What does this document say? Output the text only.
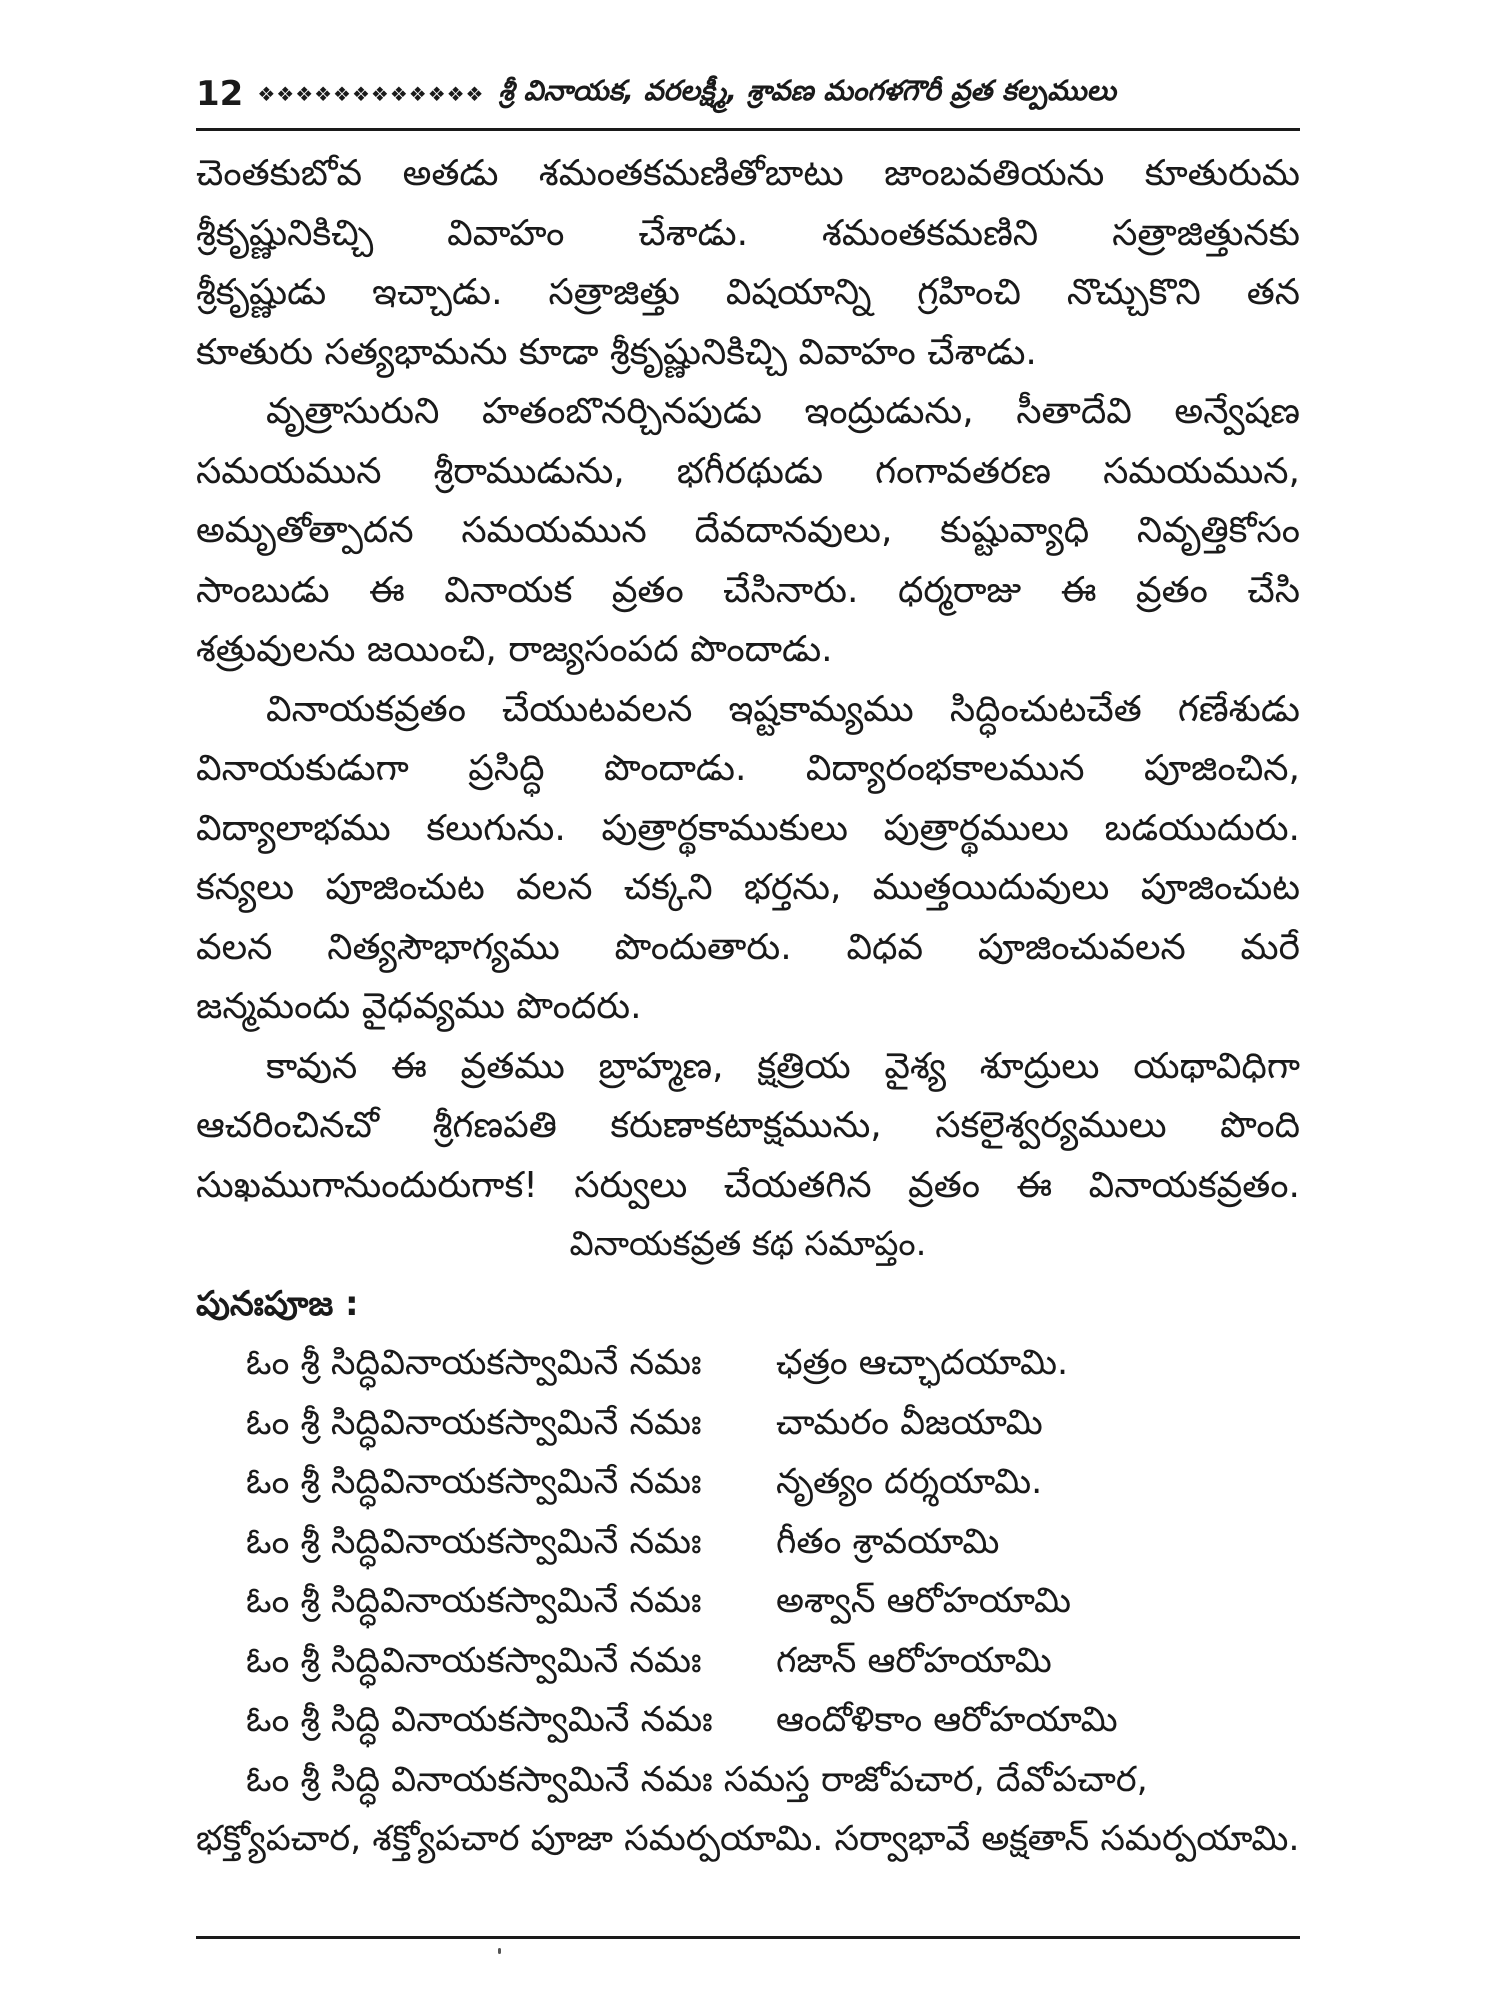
12 ❖❖❖❖❖❖❖❖❖❖❖❖ శ్రీ వినాయక, వరలక్ష్మీ, శ్రావణ మంగళగౌరీ వ్రత కల్పములు

చెంతకుబోవ అతడు శమంతకమణితోబాటు జాంబవతియను కూతురుమ
శ్రీకృష్ణునికిచ్చి వివాహం చేశాడు. శమంతకమణిని సత్రాజిత్తునకు
శ్రీకృష్ణుడు ఇచ్చాడు. సత్రాజిత్తు విషయాన్ని గ్రహించి నొచ్చుకొని తన
కూతురు సత్యభామను కూడా శ్రీకృష్ణునికిచ్చి వివాహం చేశాడు.

వృత్రాసురుని హతంబొనర్చినపుడు ఇంద్రుడును, సీతాదేవి అన్వేషణ
సమయమున శ్రీరాముడును, భగీరథుడు గంగావతరణ సమయమున,
అమృతోత్పాదన సమయమున దేవదానవులు, కుష్టువ్యాధి నివృత్తికోసం
సాంబుడు ఈ వినాయక వ్రతం చేసినారు. ధర్మరాజు ఈ వ్రతం చేసి
శత్రువులను జయించి, రాజ్యసంపద పొందాడు.

వినాయకవ్రతం చేయుటవలన ఇష్టకామ్యము సిద్ధించుటచేత గణేశుడు
వినాయకుడుగా ప్రసిద్ధి పొందాడు. విద్యారంభకాలమున పూజించిన,
విద్యాలాభము కలుగును. పుత్రార్థకాముకులు పుత్రార్థములు బడయుదురు.
కన్యలు పూజించుట వలన చక్కని భర్తను, ముత్తయిదువులు పూజించుట
వలన నిత్యసౌభాగ్యము పొందుతారు. విధవ పూజించువలన మరే
జన్మమందు వైధవ్యము పొందరు.

కావున ఈ వ్రతము బ్రాహ్మణ, క్షత్రియ వైశ్య శూద్రులు యథావిధిగా
ఆచరించినచో శ్రీగణపతి కరుణాకటాక్షమును, సకలైశ్వర్యములు పొంది
సుఖముగానుందురుగాక! సర్వులు చేయతగిన వ్రతం ఈ వినాయకవ్రతం.

వినాయకవ్రత కథ సమాప్తం.

పునఃపూజ :

ఓం శ్రీ సిద్ధివినాయకస్వామినే నమః	ఛత్రం ఆచ్ఛాదయామి.
ఓం శ్రీ సిద్ధివినాయకస్వామినే నమః	చామరం వీజయామి
ఓం శ్రీ సిద్ధివినాయకస్వామినే నమః	నృత్యం దర్శయామి.
ఓం శ్రీ సిద్ధివినాయకస్వామినే నమః	గీతం శ్రావయామి
ఓం శ్రీ సిద్ధివినాయకస్వామినే నమః	అశ్వాన్ ఆరోహయామి
ఓం శ్రీ సిద్ధివినాయకస్వామినే నమః	గజాన్ ఆరోహయామి
ఓం శ్రీ సిద్ధి వినాయకస్వామినే నమః	ఆందోళికాం ఆరోహయామి
ఓం శ్రీ సిద్ధి వినాయకస్వామినే నమః సమస్త రాజోపచార, దేవోపచార,
భక్త్యోపచార, శక్త్యోపచార పూజా సమర్పయామి. సర్వాభావే అక్షతాన్ సమర్పయామి.
